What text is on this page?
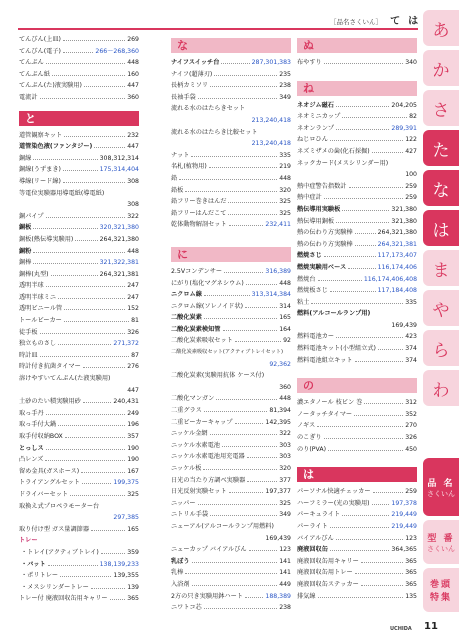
［品名さくいん］ て は
てんびん(上皿)	269
てんびん(電子)	266～268,360
てんぷん	448
てんぷん紙	160
てんぷん(た)液実験用)	447
電流計	360
と
道管観察キット	232
道管染色液(ファンタジー)	447
銅線	308,312,314
銅線(うずまき)	175,314,404
導線(リード線)	308
等電位実験器用導電紙(導電紙)
308
銅パイプ	322
銅板	320,321,380
銅板(熱伝導実験用)	264,321,380
銅粉	448
銅棒	321,322,381
銅棒(丸型)	264,321,381
透明半球	247
透明半球ミニ	247
透明ビニール管	152
トールビーカー	81
徒手板	326
独立ものさし	271,372
時計皿	87
時計付き抗菌タイマー	276
溶けやすいてんぷん(た液実験用)
447
土砂のたい積実験用砂	240,431
取っ手丹	249
取っ手付大鍋	196
取手付収納BOX	357
とっしス	190
凸レンズ	190
留め金具(ガスホース)	167
トライアングルセット	199,375
ドライバーセット	325
取換え式プロペラモーター台
297,385
取り付け型 ガス量調節器	165
トレー
・トレイ(アクティブトレイ)	359
・バット	138,139,233
・ポリトレー	139,355
・メスシリンダートレー	139
トレー付 廃液回収缶用キャリー	365
な
ナイフスイッチ台	287,301,383
ナイフ(超薄刃)	235
長柄カミソリ	238
長袖手袋	349
流れる水のはたらきセット
213,240,418
流れる水のはたらき比較セット
213,240,418
ナット	335
名札(植物用)	219
鉛	448
鉛板	320
鉛フリー巻きはんだ	325
鉛フリーはんだこて	325
乾体動物解剖セット	232,411
に
2.5Vコンデンサー	316,389
にがり(塩化マグネシウム)	448
ニクロム線	313,314,384
ニクロム線(ソレノイド状)	314
二酸化炭素	165
二酸化炭素検知管	164
二酸化炭素吸収セット	92
二酸化炭素吸収セット(アクティブトレイセット)
92,362
二酸化炭素(実験用抗体 ケース付)
360
二酸化マンガン	448
二重グラス	81,394
二重ビーカーキャップ	142,395
ニッケル金網	322
ニッケル水素電池	303
ニッケル水素電池用充電器	303
ニッケル板	320
日光の当たり方調べ実験器	377
日光反射実験セット	197,377
ニッパー	325
ニトリル手袋	349
ニューアル(アルコールランプ用燃料)
169,439
ニューカップ バイアルびん	123
乳ぼう	141
乳棒	141
入浴剤	449
2方の只き実験用鉢ハート	188,389
ニワトコ芯	238
ぬ
布やすり	340
ね
ネオジム磁石	204,205
ネオミニカップ	82
ネオンランプ	289,391
ねじロひん	122
ネズミザメの歯(化石採掘)	427
ネックカード(メスシリンダー用)
100
熱中症警告指数計	259
熱中症計	259
熱伝導用実験板	321,380
熱伝導用銅板	321,380
熱の伝わり方実験棒	264,321,380
熱の伝わり方実験棒	264,321,381
燃焼さじ	117,173,407
燃焼実験用ベース	116,174,406
燃焼台	116,174,406,408
燃焼板さじ	117,184,408
粘土	335
燃料(アルコールランプ用)
169,439
燃料電池カー	423
燃料電池キット(小型組立式)	374
燃料電池組立キット	374
の
濃エタノール 枝ビン 巻	312
ノータッチタイマー	352
ノギス	270
のこぎり	326
のり(PVA)	450
は
パーソナル快適チェッカー	259
ハーフミラー(光の実験用)	197,378
パーキュライト	219,449
パーライト	219,449
バイアルびん	123
廃液回収缶	364,365
廃液回収缶用キャリー	365
廃液回収缶用トレー	365
廃液回収缶ステッカー	365
排気線	135
あ
か
さ
た
な
は
ま
や
ら
わ
品 名
さくいん
型 番
さくいん
巻頭
特集
UCHIDA 11
